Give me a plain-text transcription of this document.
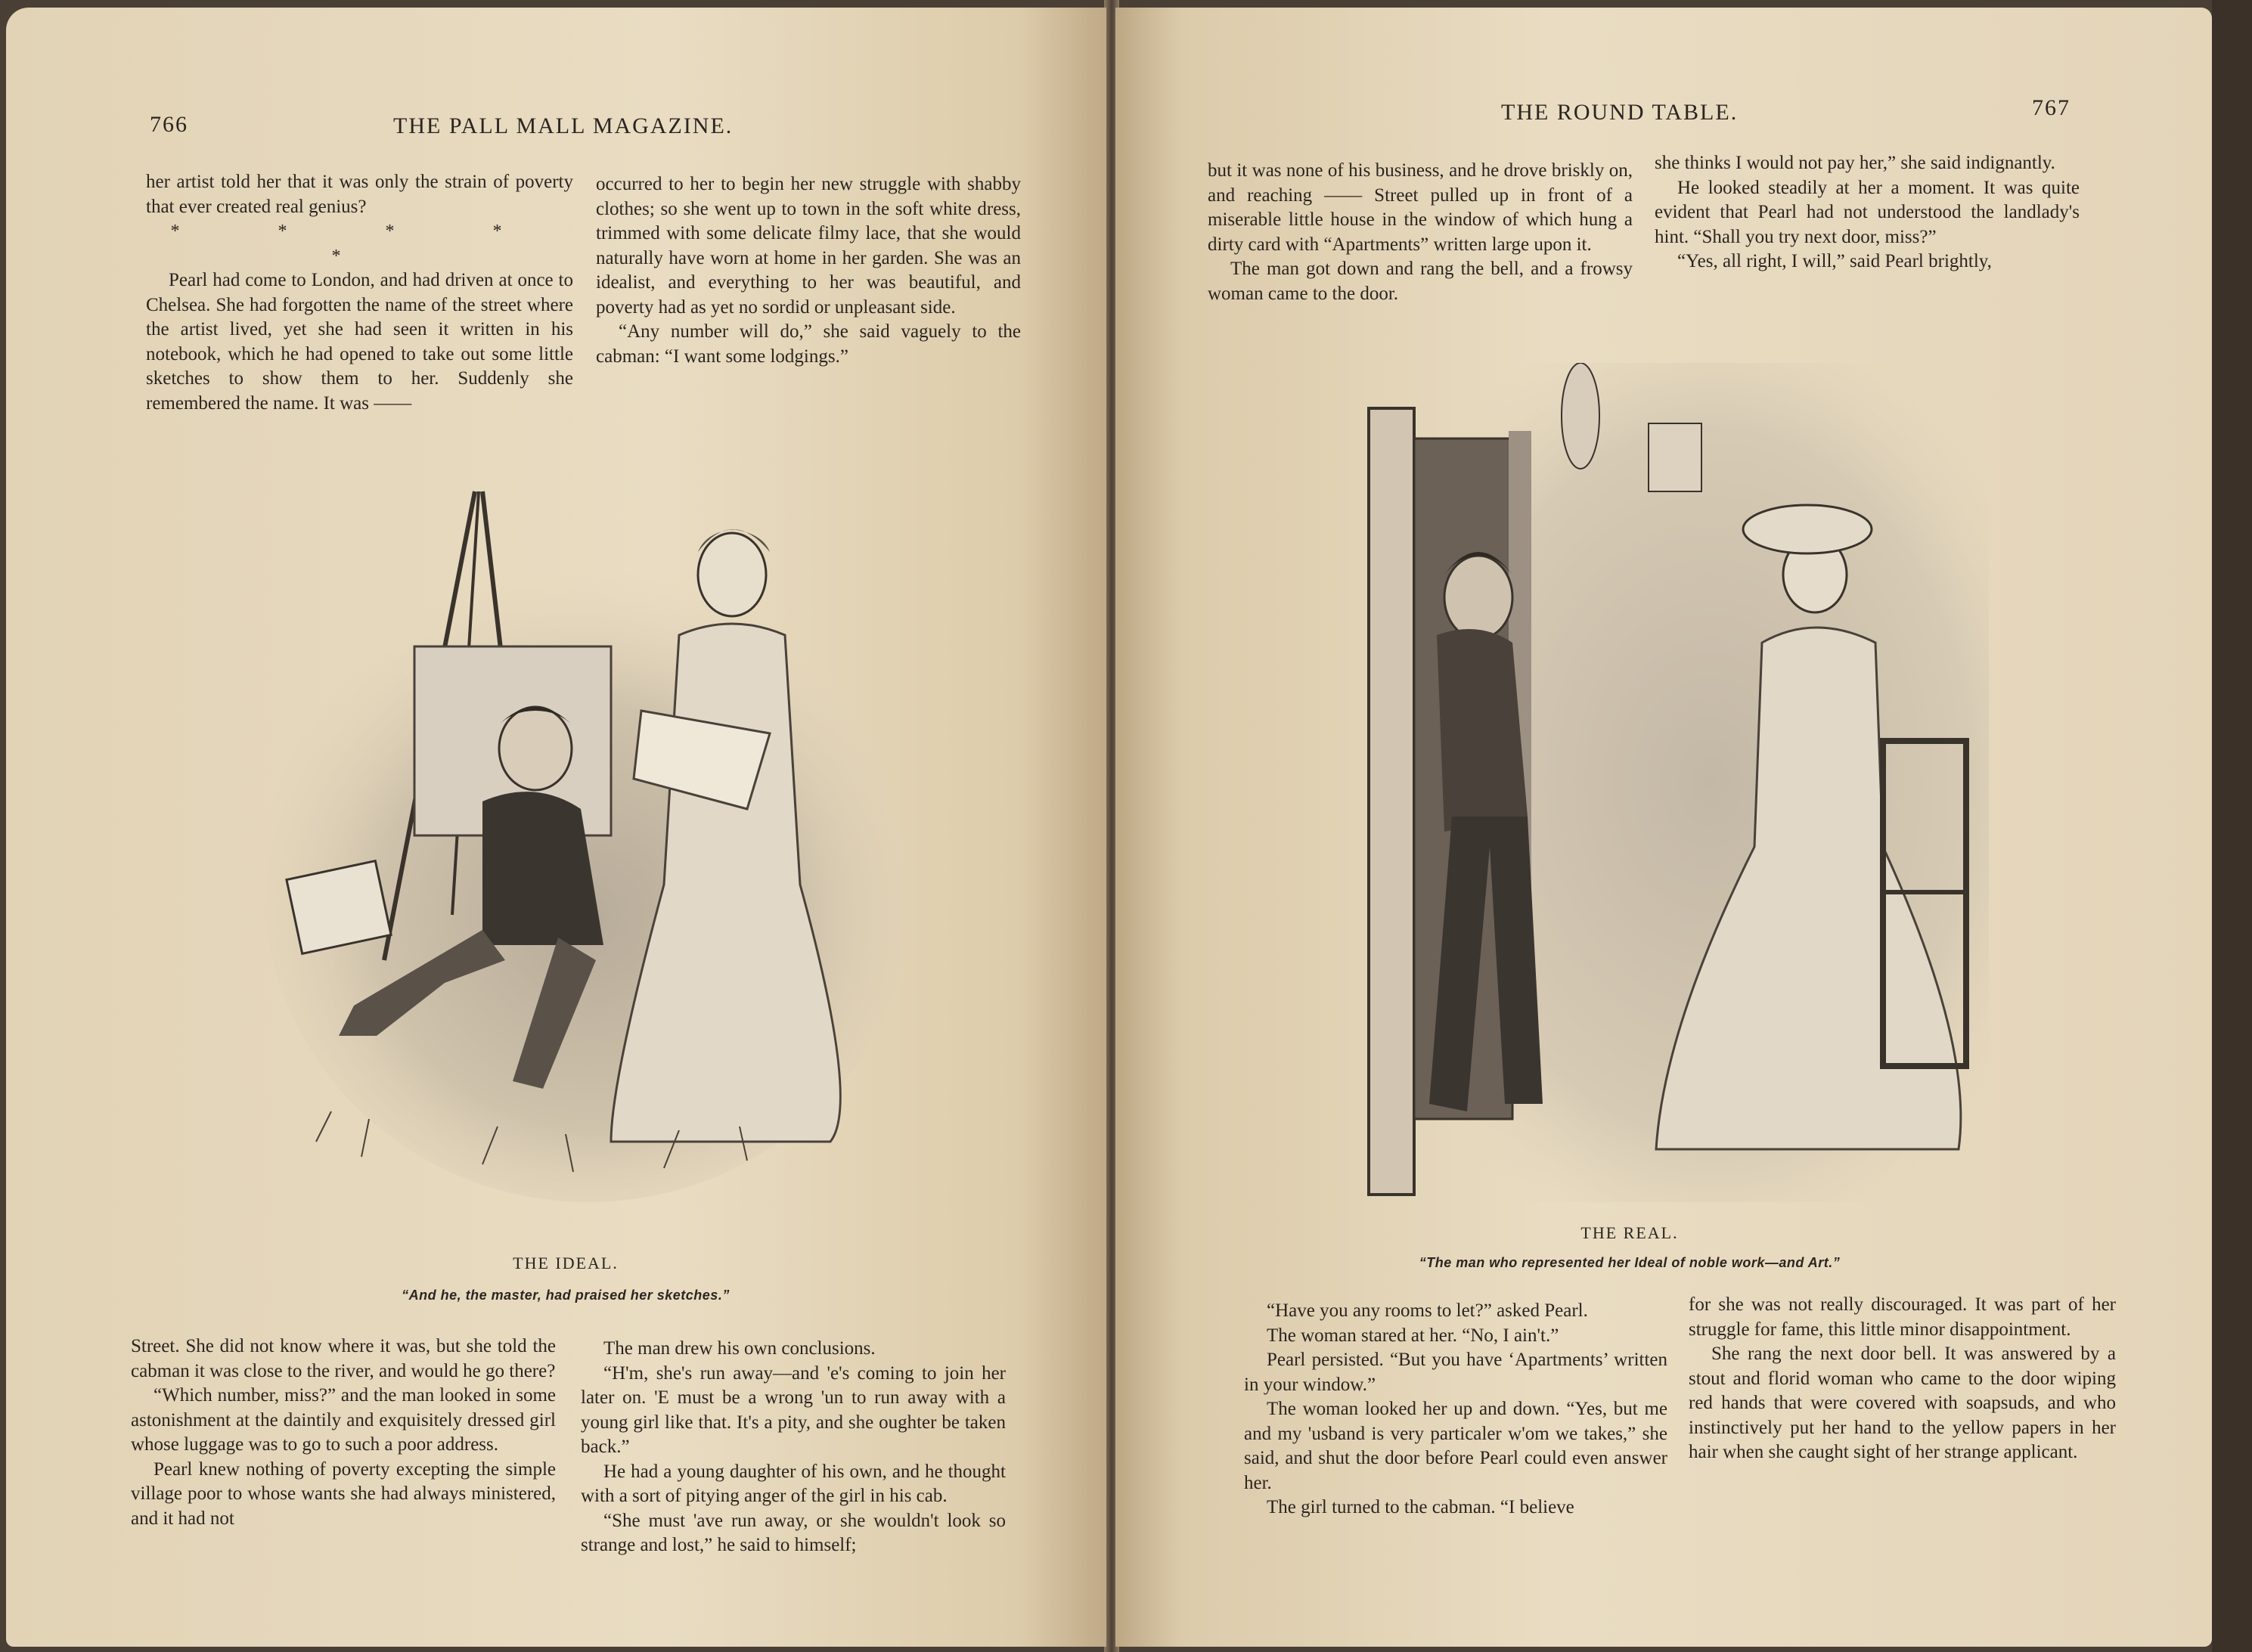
766	THE PALL MALL MAGAZINE.

her artist told her that it was only the strain of poverty that ever created real genius?

* * * * *

Pearl had come to London, and had driven at once to Chelsea. She had forgotten the name of the street where the artist lived, yet she had seen it written in his notebook, which he had opened to take out some little sketches to show them to her. Suddenly she remembered the name. It was ——

occurred to her to begin her new struggle with shabby clothes; so she went up to town in the soft white dress, trimmed with some delicate filmy lace, that she would naturally have worn at home in her garden. She was an idealist, and everything to her was beautiful, and poverty had as yet no sordid or unpleasant side.

“Any number will do,” she said vaguely to the cabman: “I want some lodgings.”

THE IDEAL.
“And he, the master, had praised her sketches.”

Street. She did not know where it was, but she told the cabman it was close to the river, and would he go there?

“Which number, miss?” and the man looked in some astonishment at the daintily and exquisitely dressed girl whose luggage was to go to such a poor address.

Pearl knew nothing of poverty excepting the simple village poor to whose wants she had always ministered, and it had not

The man drew his own conclusions.

“H'm, she's run away—and 'e's coming to join her later on. 'E must be a wrong 'un to run away with a young girl like that. It's a pity, and she oughter be taken back.”

He had a young daughter of his own, and he thought with a sort of pitying anger of the girl in his cab.

“She must 'ave run away, or she wouldn't look so strange and lost,” he said to himself;

THE ROUND TABLE.	767

but it was none of his business, and he drove briskly on, and reaching —— Street pulled up in front of a miserable little house in the window of which hung a dirty card with “Apartments” written large upon it.

The man got down and rang the bell, and a frowsy woman came to the door.

she thinks I would not pay her,” she said indignantly.

He looked steadily at her a moment. It was quite evident that Pearl had not understood the landlady's hint. “Shall you try next door, miss?”

“Yes, all right, I will,” said Pearl brightly,

THE REAL.
“The man who represented her Ideal of noble work—and Art.”

“Have you any rooms to let?” asked Pearl.

The woman stared at her. “No, I ain't.”

Pearl persisted. “But you have ‘Apartments’ written in your window.”

The woman looked her up and down. “Yes, but me and my 'usband is very particaler w'om we takes,” she said, and shut the door before Pearl could even answer her.

The girl turned to the cabman. “I believe

for she was not really discouraged. It was part of her struggle for fame, this little minor disappointment.

She rang the next door bell. It was answered by a stout and florid woman who came to the door wiping red hands that were covered with soapsuds, and who instinctively put her hand to the yellow papers in her hair when she caught sight of her strange applicant.
